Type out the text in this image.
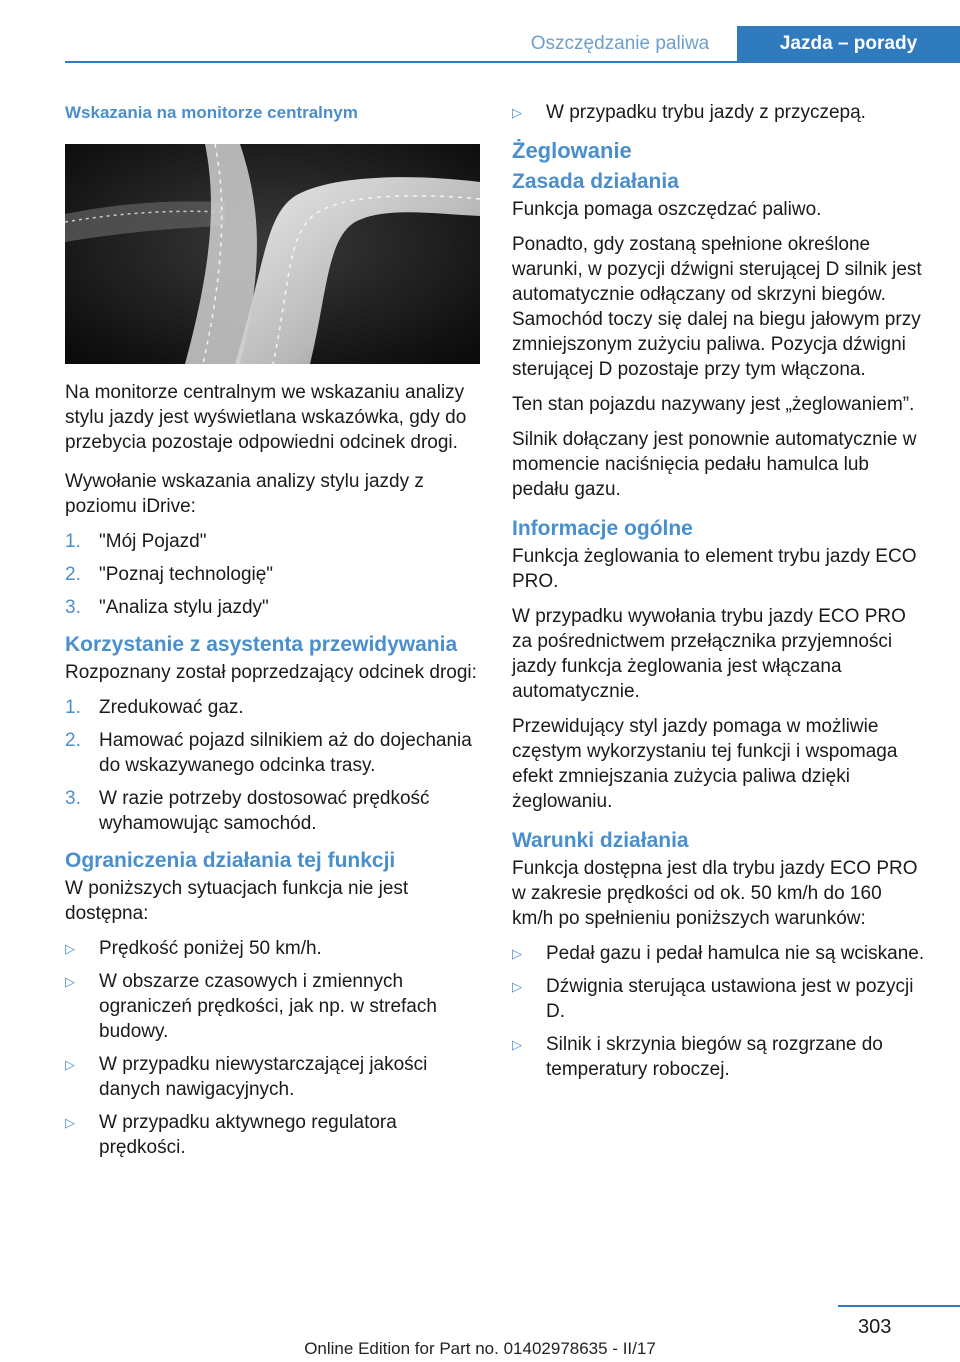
Oszczędzanie paliwa	Jazda – porady
Wskazania na monitorze centralnym

Na monitorze centralnym we wskazaniu analizy stylu jazdy jest wyświetlana wskazówka, gdy do przebycia pozostaje odpowiedni odcinek drogi.

Wywołanie wskazania analizy stylu jazdy z poziomu iDrive:

1. "Mój Pojazd"
2. "Poznaj technologię"
3. "Analiza stylu jazdy"
Korzystanie z asystenta przewidywania

Rozpoznany został poprzedzający odcinek drogi:

1. Zredukować gaz.
2. Hamować pojazd silnikiem aż do dojechania do wskazywanego odcinka trasy.
3. W razie potrzeby dostosować prędkość wyhamowując samochód.
Ograniczenia działania tej funkcji

W poniższych sytuacjach funkcja nie jest dostępna:

▷	Prędkość poniżej 50 km/h.
▷	W obszarze czasowych i zmiennych ograniczeń prędkości, jak np. w strefach budowy.
▷	W przypadku niewystarczającej jakości danych nawigacyjnych.
▷	W przypadku aktywnego regulatora prędkości.
▷	W przypadku trybu jazdy z przyczepą.
Żeglowanie
Zasada działania

Funkcja pomaga oszczędzać paliwo.

Ponadto, gdy zostaną spełnione określone warunki, w pozycji dźwigni sterującej D silnik jest automatycznie odłączany od skrzyni biegów. Samochód toczy się dalej na biegu jałowym przy zmniejszonym zużyciu paliwa. Pozycja dźwigni sterującej D pozostaje przy tym włączona.

Ten stan pojazdu nazywany jest „żeglowaniem”.

Silnik dołączany jest ponownie automatycznie w momencie naciśnięcia pedału hamulca lub pedału gazu.

Informacje ogólne

Funkcja żeglowania to element trybu jazdy ECO PRO.

W przypadku wywołania trybu jazdy ECO PRO za pośrednictwem przełącznika przyjemności jazdy funkcja żeglowania jest włączana automatycznie.

Przewidujący styl jazdy pomaga w możliwie częstym wykorzystaniu tej funkcji i wspomaga efekt zmniejszania zużycia paliwa dzięki żeglowaniu.

Warunki działania

Funkcja dostępna jest dla trybu jazdy ECO PRO w zakresie prędkości od ok. 50 km/h do 160 km/h po spełnieniu poniższych warunków:

▷	Pedał gazu i pedał hamulca nie są wciskane.
▷	Dźwignia sterująca ustawiona jest w pozycji D.
▷	Silnik i skrzynia biegów są rozgrzane do temperatury roboczej.
303
Online Edition for Part no. 01402978635 - II/17
